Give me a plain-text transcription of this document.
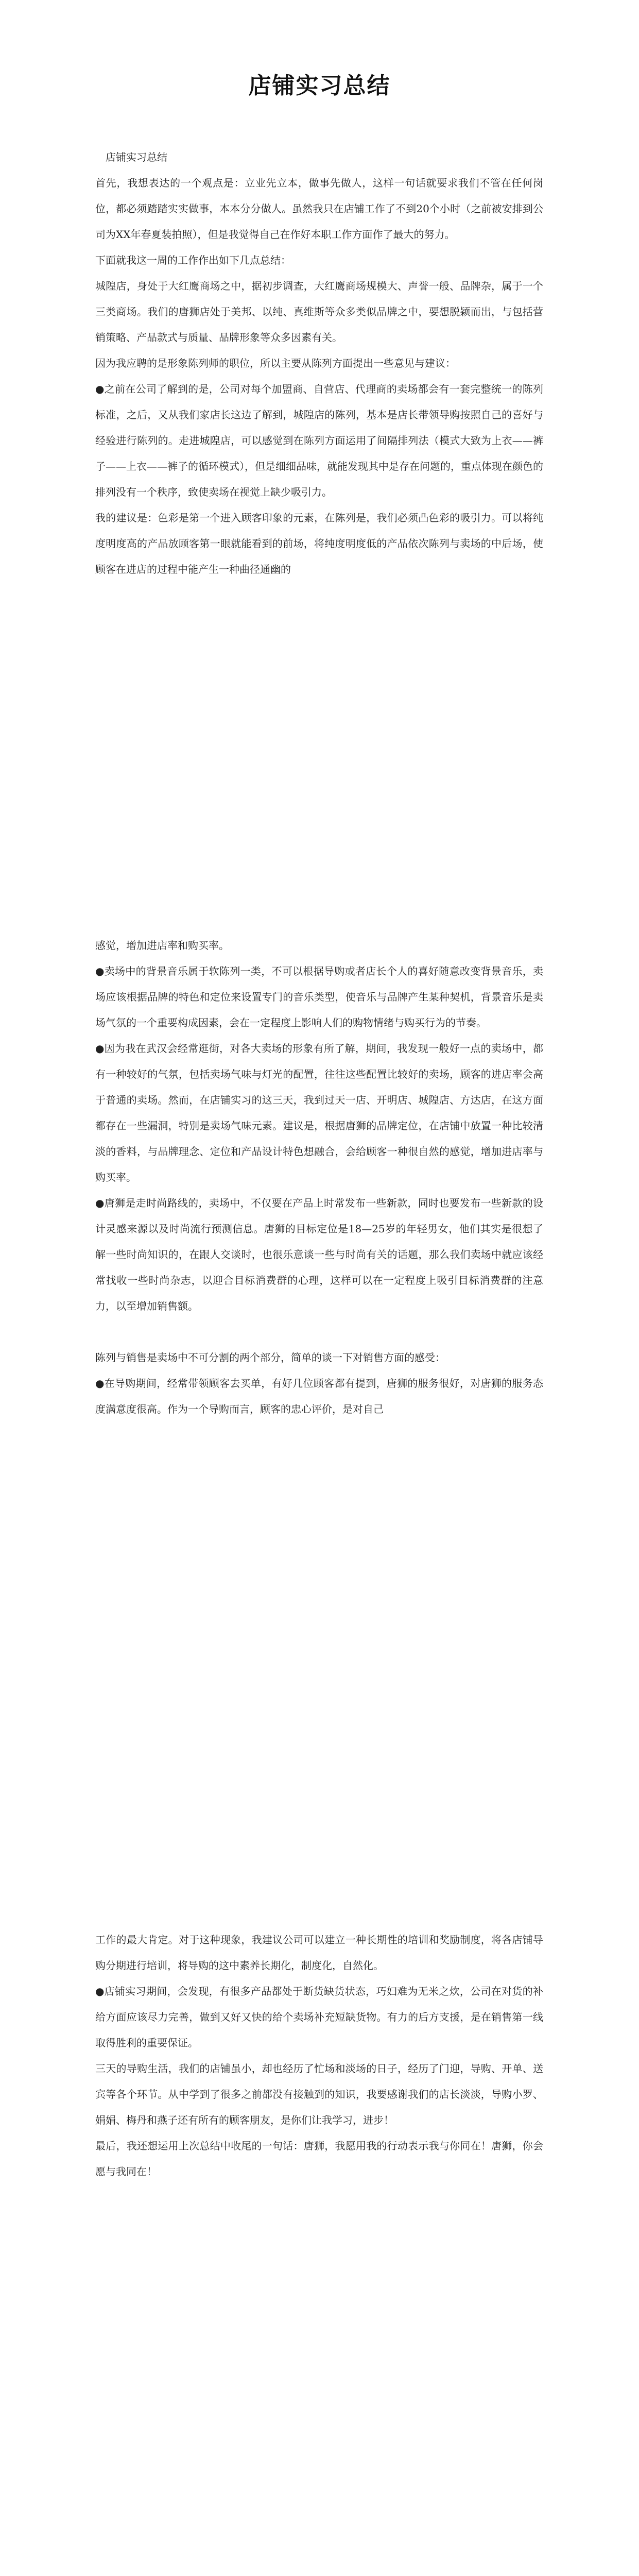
店铺实习总结

店铺实习总结

首先，我想表达的一个观点是：立业先立本，做事先做人，这样一句话就要求我们不管在任何岗位，都必须踏踏实实做事，本本分分做人。虽然我只在店铺工作了不到20个小时（之前被安排到公司为XX年春夏装拍照），但是我觉得自己在作好本职工作方面作了最大的努力。

下面就我这一周的工作作出如下几点总结：

城隍店，身处于大红鹰商场之中，据初步调查，大红鹰商场规模大、声誉一般、品牌杂，属于一个三类商场。我们的唐狮店处于美邦、以纯、真维斯等众多类似品牌之中，要想脱颖而出，与包括营销策略、产品款式与质量、品牌形象等众多因素有关。

因为我应聘的是形象陈列师的职位，所以主要从陈列方面提出一些意见与建议：

●之前在公司了解到的是，公司对每个加盟商、自营店、代理商的卖场都会有一套完整统一的陈列标准，之后，又从我们家店长这边了解到，城隍店的陈列，基本是店长带领导购按照自己的喜好与经验进行陈列的。走进城隍店，可以感觉到在陈列方面运用了间隔排列法（模式大致为上衣——裤子——上衣——裤子的循环模式），但是细细品味，就能发现其中是存在问题的，重点体现在颜色的排列没有一个秩序，致使卖场在视觉上缺少吸引力。

我的建议是：色彩是第一个进入顾客印象的元素，在陈列是，我们必须凸色彩的吸引力。可以将纯度明度高的产品放顾客第一眼就能看到的前场，将纯度明度低的产品依次陈列与卖场的中后场，使顾客在进店的过程中能产生一种曲径通幽的

感觉，增加进店率和购买率。

●卖场中的背景音乐属于软陈列一类，不可以根据导购或者店长个人的喜好随意改变背景音乐，卖场应该根据品牌的特色和定位来设置专门的音乐类型，使音乐与品牌产生某种契机，背景音乐是卖场气氛的一个重要构成因素，会在一定程度上影响人们的购物情绪与购买行为的节奏。

●因为我在武汉会经常逛街，对各大卖场的形象有所了解，期间，我发现一般好一点的卖场中，都有一种较好的气氛，包括卖场气味与灯光的配置，往往这些配置比较好的卖场，顾客的进店率会高于普通的卖场。然而，在店铺实习的这三天，我到过天一店、开明店、城隍店、方达店，在这方面都存在一些漏洞，特别是卖场气味元素。建议是，根据唐狮的品牌定位，在店铺中放置一种比较清淡的香料，与品牌理念、定位和产品设计特色想融合，会给顾客一种很自然的感觉，增加进店率与购买率。

●唐狮是走时尚路线的，卖场中，不仅要在产品上时常发布一些新款，同时也要发布一些新款的设计灵感来源以及时尚流行预测信息。唐狮的目标定位是18—25岁的年轻男女，他们其实是很想了解一些时尚知识的，在跟人交谈时，也很乐意谈一些与时尚有关的话题，那么我们卖场中就应该经常找收一些时尚杂志，以迎合目标消费群的心理，这样可以在一定程度上吸引目标消费群的注意力，以至增加销售额。

陈列与销售是卖场中不可分割的两个部分，简单的谈一下对销售方面的感受：

●在导购期间，经常带领顾客去买单，有好几位顾客都有提到，唐狮的服务很好，对唐狮的服务态度满意度很高。作为一个导购而言，顾客的忠心评价，是对自己

工作的最大肯定。对于这种现象，我建议公司可以建立一种长期性的培训和奖励制度，将各店铺导购分期进行培训，将导购的这中素养长期化，制度化，自然化。

●店铺实习期间，会发现，有很多产品都处于断货缺货状态，巧妇难为无米之炊，公司在对货的补给方面应该尽力完善，做到又好又快的给个卖场补充短缺货物。有力的后方支援，是在销售第一线取得胜利的重要保证。

三天的导购生活，我们的店铺虽小，却也经历了忙场和淡场的日子，经历了门迎，导购、开单、送宾等各个环节。从中学到了很多之前都没有接触到的知识，我要感谢我们的店长淡淡，导购小罗、娟娟、梅丹和燕子还有所有的顾客朋友，是你们让我学习，进步！

最后，我还想运用上次总结中收尾的一句话：唐狮，我愿用我的行动表示我与你同在！唐狮，你会愿与我同在！
